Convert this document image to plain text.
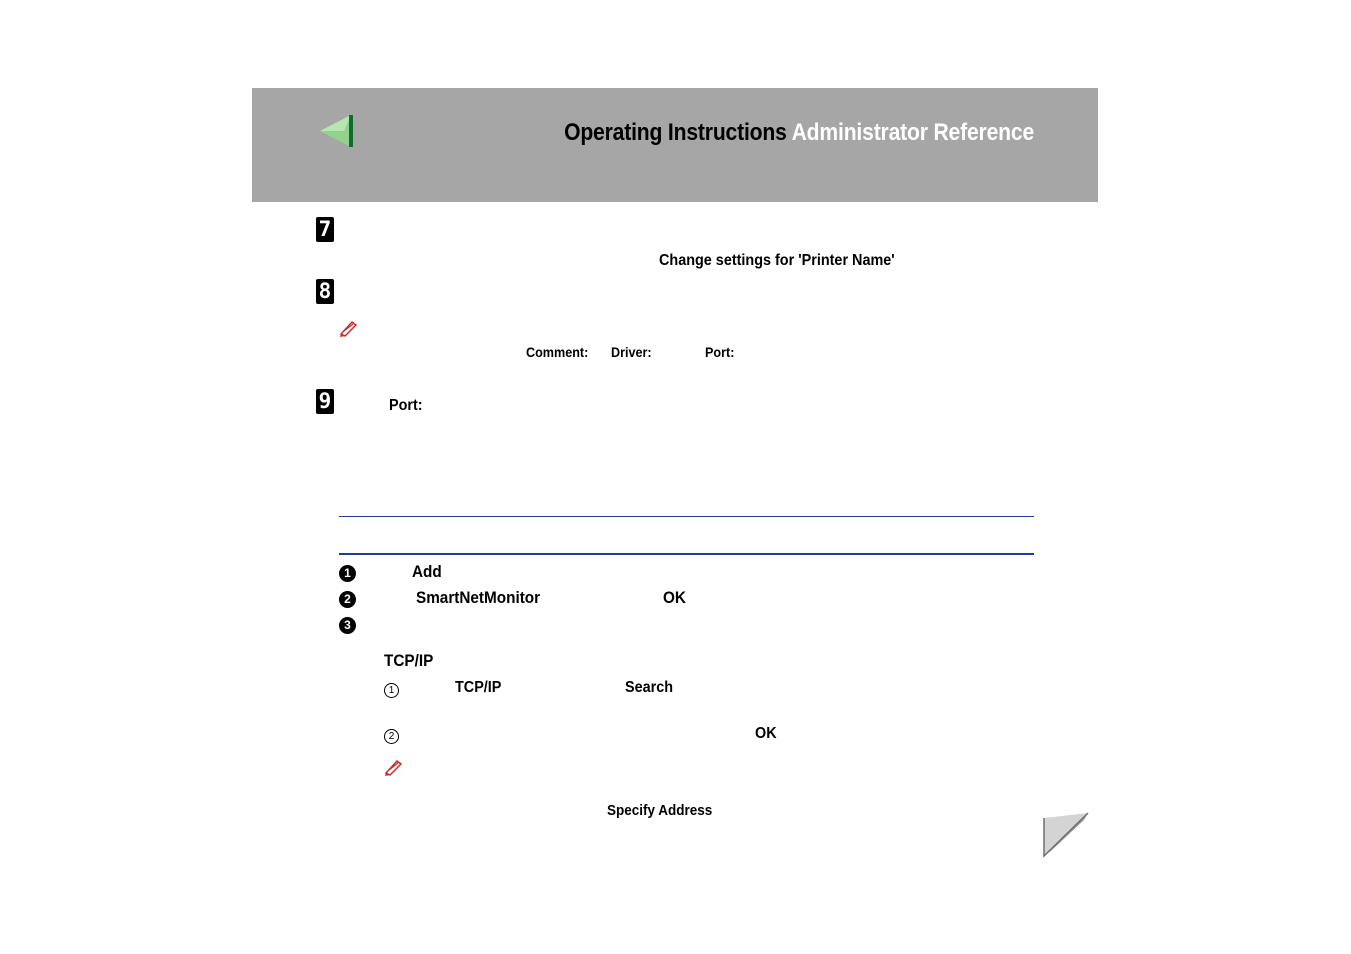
Operating Instructions Administrator Reference
7
Change settings for 'Printer Name'
8
Comment: Driver:	Port:
9	Port:
1	Add
2	SmartNetMonitor	OK
3
TCP/IP
1	TCP/IP	Search
2	OK
Specify Address
